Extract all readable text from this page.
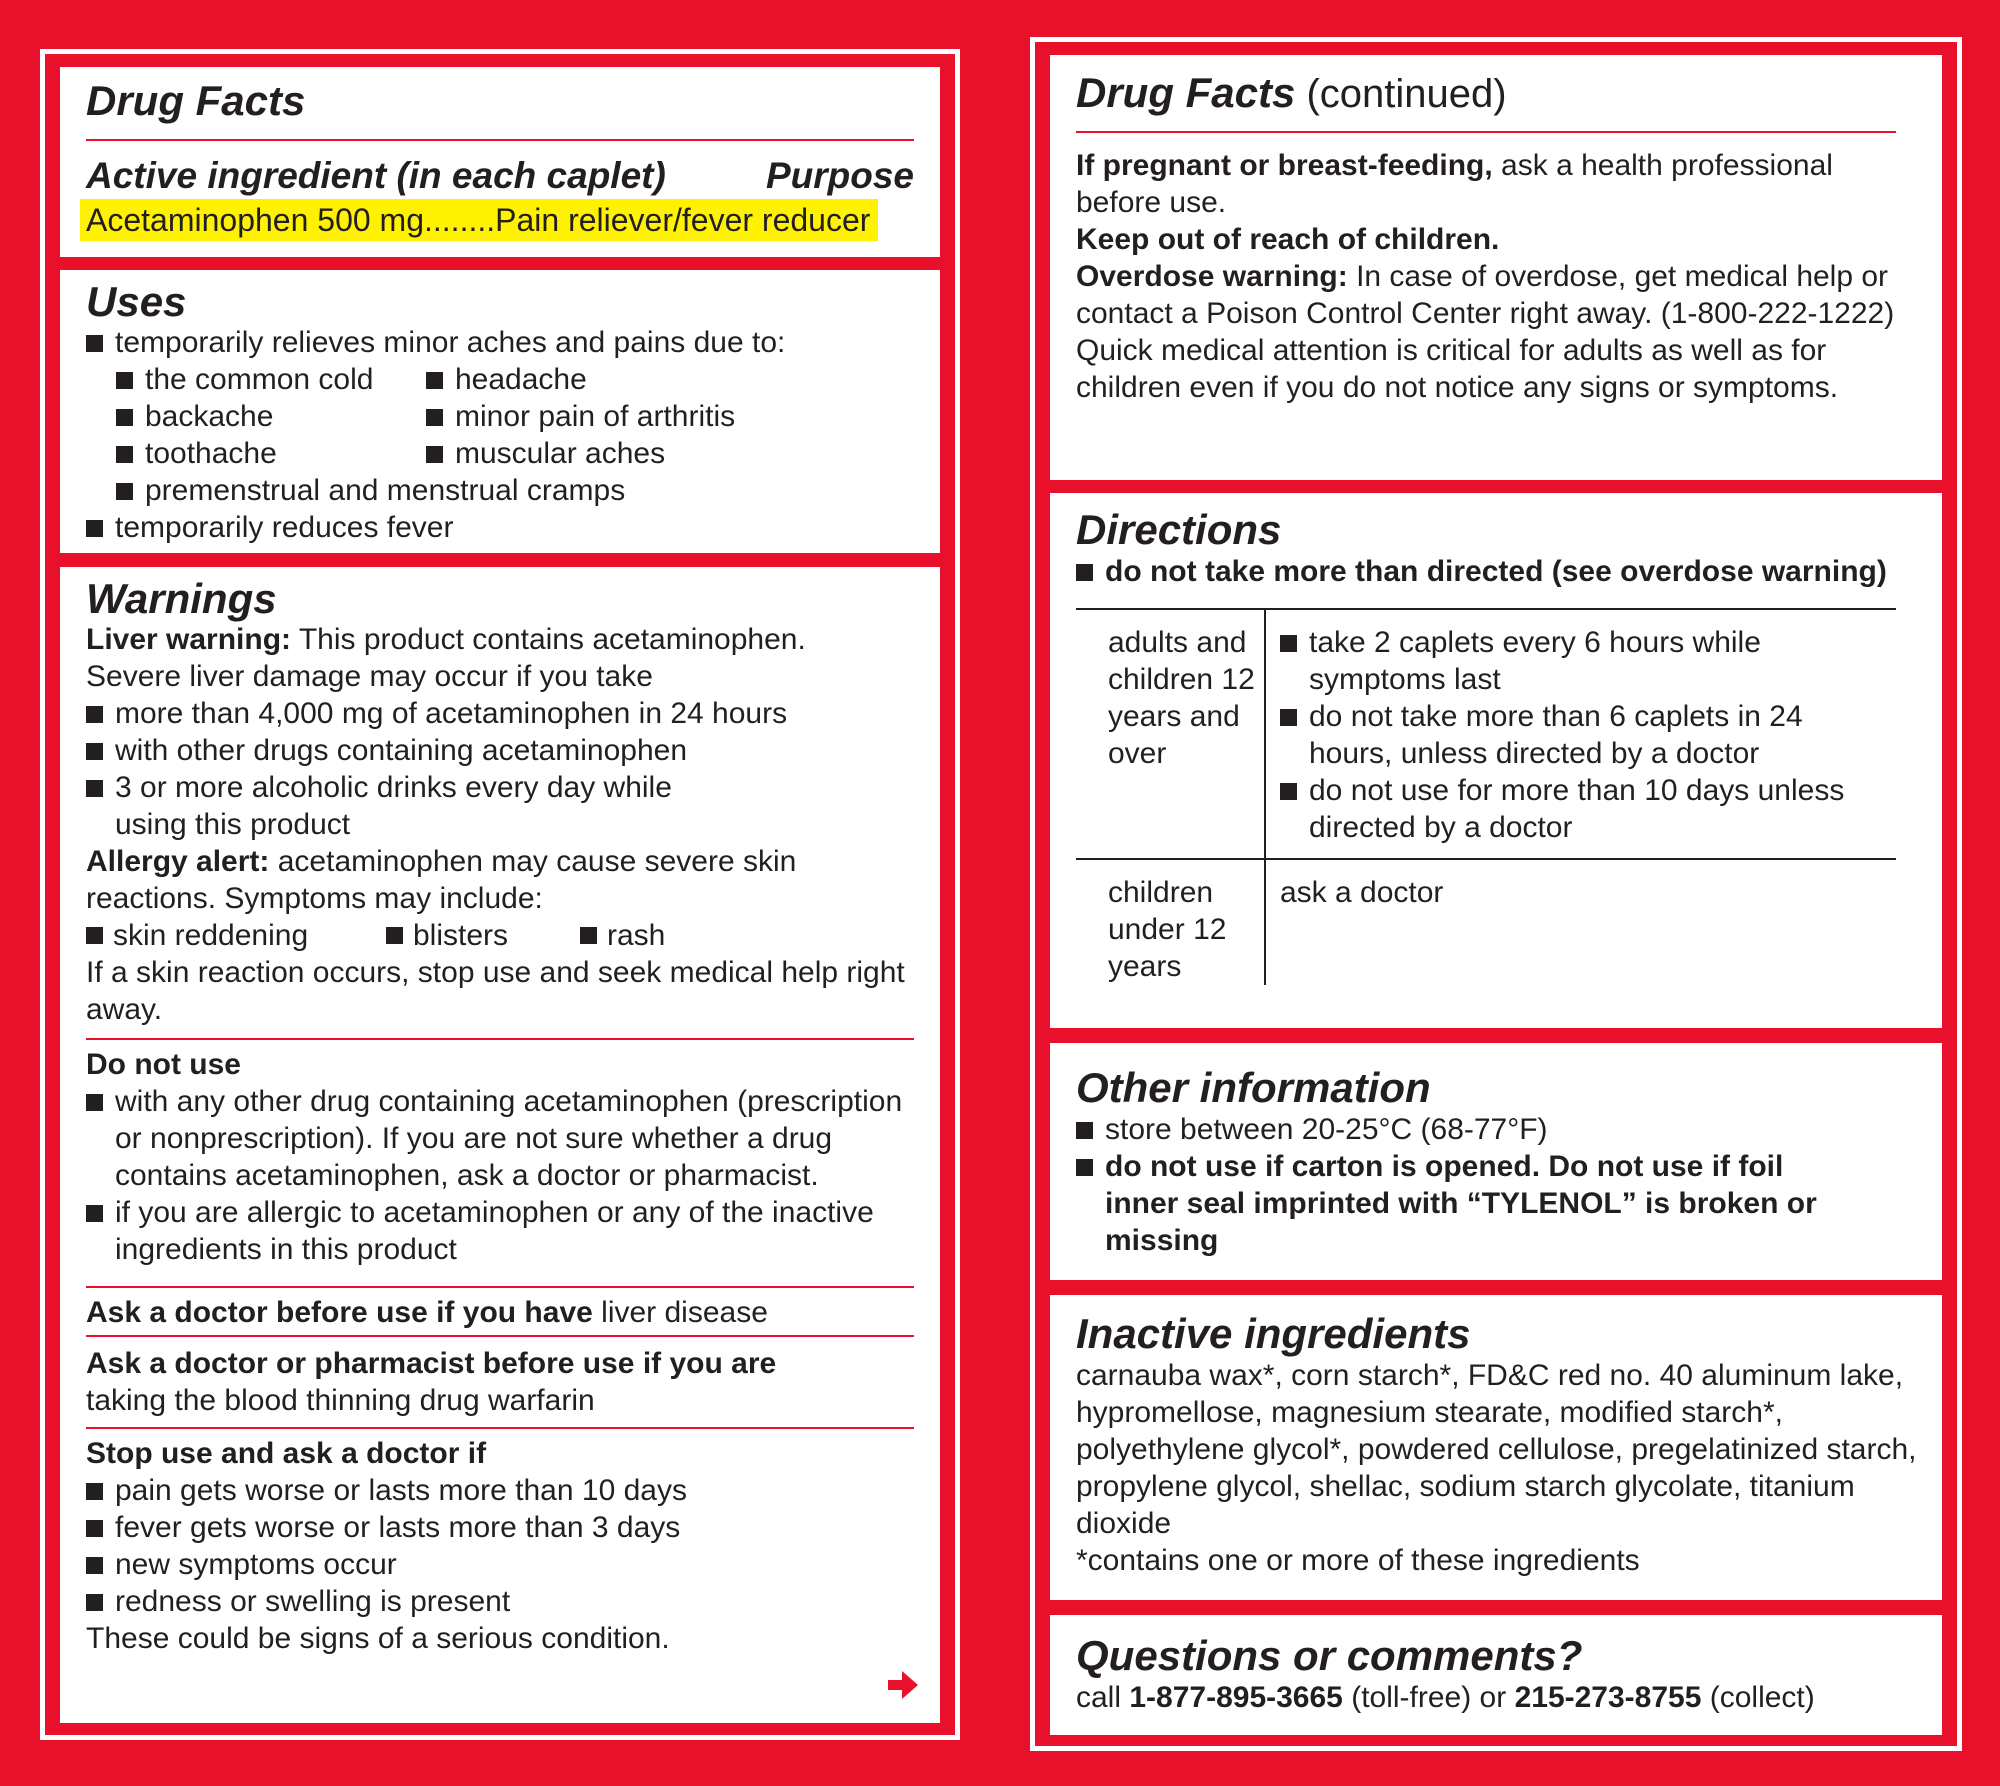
Drug Facts
Active ingredient (in each caplet)	Purpose
Acetaminophen 500 mg........Pain reliever/fever reducer
Uses
temporarily relieves minor aches and pains due to:
the common cold
backache
toothache
headache
minor pain of arthritis
muscular aches
premenstrual and menstrual cramps
temporarily reduces fever
Warnings
Liver warning: This product contains acetaminophen.
Severe liver damage may occur if you take
more than 4,000 mg of acetaminophen in 24 hours
with other drugs containing acetaminophen
3 or more alcoholic drinks every day while using this product
Allergy alert: acetaminophen may cause severe skin reactions. Symptoms may include:
skin reddening	blisters	rash
If a skin reaction occurs, stop use and seek medical help right away.
Do not use
with any other drug containing acetaminophen (prescription or nonprescription). If you are not sure whether a drug contains acetaminophen, ask a doctor or pharmacist.
if you are allergic to acetaminophen or any of the inactive ingredients in this product
Ask a doctor before use if you have liver disease
Ask a doctor or pharmacist before use if you are
taking the blood thinning drug warfarin
Stop use and ask a doctor if
pain gets worse or lasts more than 10 days
fever gets worse or lasts more than 3 days
new symptoms occur
redness or swelling is present
These could be signs of a serious condition.
Drug Facts (continued)
If pregnant or breast-feeding, ask a health professional before use.
Keep out of reach of children.
Overdose warning: In case of overdose, get medical help or contact a Poison Control Center right away. (1-800-222-1222) Quick medical attention is critical for adults as well as for children even if you do not notice any signs or symptoms.
Directions
do not take more than directed (see overdose warning)
adults and children 12 years and over
take 2 caplets every 6 hours while symptoms last
do not take more than 6 caplets in 24 hours, unless directed by a doctor
do not use for more than 10 days unless directed by a doctor
children under 12 years
ask a doctor
Other information
store between 20-25°C (68-77°F)
do not use if carton is opened. Do not use if foil inner seal imprinted with “TYLENOL” is broken or missing
Inactive ingredients
carnauba wax*, corn starch*, FD&C red no. 40 aluminum lake, hypromellose, magnesium stearate, modified starch*, polyethylene glycol*, powdered cellulose, pregelatinized starch, propylene glycol, shellac, sodium starch glycolate, titanium dioxide
*contains one or more of these ingredients
Questions or comments?
call 1-877-895-3665 (toll-free) or 215-273-8755 (collect)
